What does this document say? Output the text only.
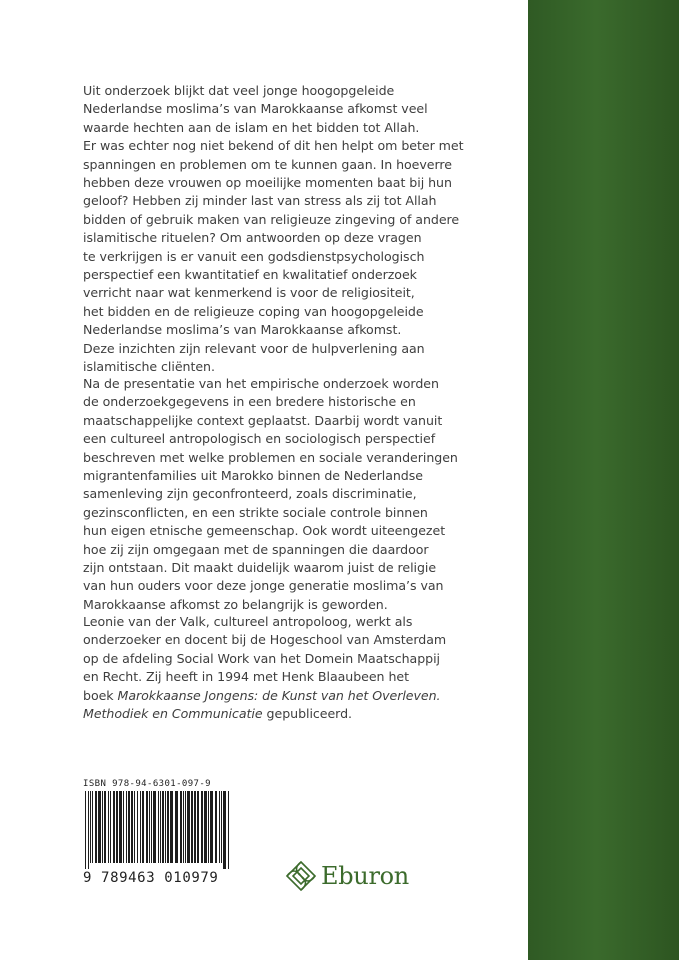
Uit onderzoek blijkt dat veel jonge hoogopgeleide
Nederlandse moslima’s van Marokkaanse afkomst veel
waarde hechten aan de islam en het bidden tot Allah.
Er was echter nog niet bekend of dit hen helpt om beter met
spanningen en problemen om te kunnen gaan. In hoeverre
hebben deze vrouwen op moeilijke momenten baat bij hun
geloof? Hebben zij minder last van stress als zij tot Allah
bidden of gebruik maken van religieuze zingeving of andere
islamitische rituelen? Om antwoorden op deze vragen
te verkrijgen is er vanuit een godsdienstpsychologisch
perspectief een kwantitatief en kwalitatief onderzoek
verricht naar wat kenmerkend is voor de religiositeit,
het bidden en de religieuze coping van hoogopgeleide
Nederlandse moslima’s van Marokkaanse afkomst.
Deze inzichten zijn relevant voor de hulpverlening aan
islamitische cliënten.

Na de presentatie van het empirische onderzoek worden
de onderzoekgegevens in een bredere historische en
maatschappelijke context geplaatst. Daarbij wordt vanuit
een cultureel antropologisch en sociologisch perspectief
beschreven met welke problemen en sociale veranderingen
migrantenfamilies uit Marokko binnen de Nederlandse
samenleving zijn geconfronteerd, zoals discriminatie,
gezinsconflicten, en een strikte sociale controle binnen
hun eigen etnische gemeenschap. Ook wordt uiteengezet
hoe zij zijn omgegaan met de spanningen die daardoor
zijn ontstaan. Dit maakt duidelijk waarom juist de religie
van hun ouders voor deze jonge generatie moslima’s van
Marokkaanse afkomst zo belangrijk is geworden.

Leonie van der Valk, cultureel antropoloog, werkt als
onderzoeker en docent bij de Hogeschool van Amsterdam
op de afdeling Social Work van het Domein Maatschappij
en Recht. Zij heeft in 1994 met Henk Blaaubeen het
boek Marokkaanse Jongens: de Kunst van het Overleven.
Methodiek en Communicatie gepubliceerd.

ISBN 978-94-6301-097-9
9 789463 010979	Eburon
